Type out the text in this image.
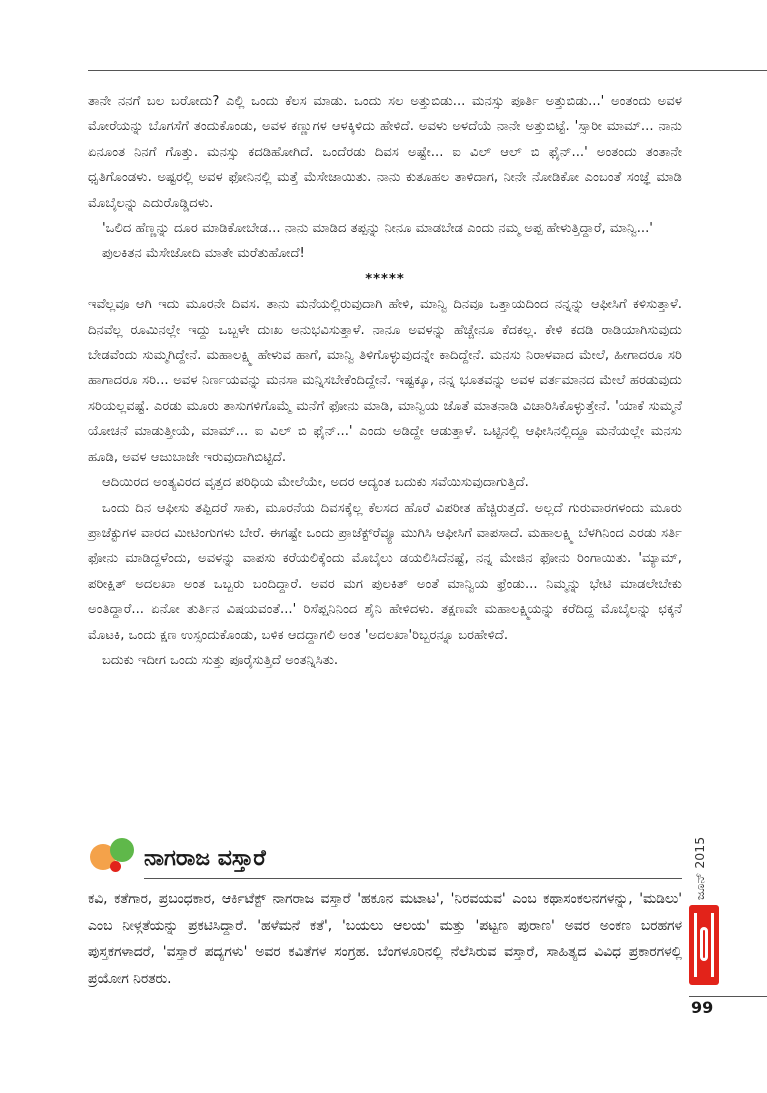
ತಾನೇ ನನಗೆ ಬಲ ಬರೋದು? ಎಲ್ಲಿ ಒಂದು ಕೆಲಸ ಮಾಡು. ಒಂದು ಸಲ ಅತ್ತುಬಿಡು... ಮನಸ್ಸು ಪೂರ್ತಿ ಅತ್ತುಬಿಡು...' ಅಂತಂದು ಅವಳ ಮೋರೆಯನ್ನು ಬೊಗಸೆಗೆ ತಂದುಕೊಂಡು, ಅವಳ ಕಣ್ಣುಗಳ ಆಳಕ್ಕಿಳಿದು ಹೇಳಿದೆ. ಅವಳು ಅಳದೆಯೆ ನಾನೇ ಅತ್ತುಬಿಟ್ಟೆ. 'ಸ್ಸಾರೀ ಮಾಮ್... ನಾನು ಏನೂಂತ ನಿನಗೆ ಗೊತ್ತು. ಮನಸ್ಸು ಕದಡಿಹೋಗಿದೆ. ಒಂದೆರಡು ದಿವಸ ಅಷ್ಟೇ... ಐ ವಿಲ್ ಆಲ್ ಬಿ ಫೈನ್...' ಅಂತಂದು ತಂತಾನೇ ಧೃತಿಗೊಂಡಳು. ಅಷ್ಟರಲ್ಲಿ ಅವಳ ಫೋನಿನಲ್ಲಿ ಮತ್ತೆ ಮೆಸೇಜಾಯಿತು. ನಾನು ಕುತೂಹಲ ತಾಳಿದಾಗ, ನೀನೇ ನೋಡಿಕೋ ಎಂಬಂತೆ ಸಂಜ್ಞೆ ಮಾಡಿ ಮೊಬೈಲನ್ನು ಎದುರೊಡ್ಡಿದಳು.

'ಒಲಿದ ಹೆಣ್ಣನ್ನು ದೂರ ಮಾಡಿಕೋಬೇಡ... ನಾನು ಮಾಡಿದ ತಪ್ಪನ್ನು ನೀನೂ ಮಾಡಬೇಡ ಎಂದು ನಮ್ಮ ಅಪ್ಪ ಹೇಳುತ್ತಿದ್ದಾರೆ, ಮಾನ್ವಿ...'

ಪುಲಕಿತನ ಮೆಸೇಜೋದಿ ಮಾತೇ ಮರೆತುಹೋದೆ!

*****

ಇವೆಲ್ಲವೂ ಆಗಿ ಇದು ಮೂರನೇ ದಿವಸ. ತಾನು ಮನೆಯಲ್ಲಿರುವುದಾಗಿ ಹೇಳಿ, ಮಾನ್ವಿ ದಿನವೂ ಒತ್ತಾಯದಿಂದ ನನ್ನನ್ನು ಆಫೀಸಿಗೆ ಕಳಿಸುತ್ತಾಳೆ. ದಿನವೆಲ್ಲ ರೂಮಿನಲ್ಲೇ ಇದ್ದು ಒಬ್ಬಳೇ ದುಃಖ ಅನುಭವಿಸುತ್ತಾಳೆ. ನಾನೂ ಅವಳನ್ನು ಹೆಚ್ಚೇನೂ ಕೆದಕಲ್ಲ. ಕೇಳಿ ಕದಡಿ ರಾಡಿಯಾಗಿಸುವುದು ಬೇಡವೆಂದು ಸುಮ್ಮಗಿದ್ದೇನೆ. ಮಹಾಲಕ್ಷ್ಮಿ ಹೇಳುವ ಹಾಗೆ, ಮಾನ್ವಿ ತಿಳಿಗೊಳ್ಳುವುದನ್ನೇ ಕಾದಿದ್ದೇನೆ. ಮನಸು ನಿರಾಳವಾದ ಮೇಲೆ, ಹೀಗಾದರೂ ಸರಿ ಹಾಗಾದರೂ ಸರಿ... ಅವಳ ನಿರ್ಣಯವನ್ನು ಮನಸಾ ಮನ್ನಿಸಬೇಕೆಂದಿದ್ದೇನೆ. ಇಷ್ಟಕ್ಕೂ, ನನ್ನ ಭೂತವನ್ನು ಅವಳ ವರ್ತಮಾನದ ಮೇಲೆ ಹರಡುವುದು ಸರಿಯಲ್ಲವಷ್ಟೆ. ಎರಡು ಮೂರು ತಾಸುಗಳಿಗೊಮ್ಮೆ ಮನೆಗೆ ಫೋನು ಮಾಡಿ, ಮಾನ್ವಿಯ ಜೊತೆ ಮಾತನಾಡಿ ವಿಚಾರಿಸಿಕೊಳ್ಳುತ್ತೇನೆ. 'ಯಾಕೆ ಸುಮ್ಮನೆ ಯೋಚನೆ ಮಾಡುತ್ತೀಯೆ, ಮಾಮ್... ಐ ವಿಲ್ ಬಿ ಫೈನ್...' ಎಂದು ಅಡಿದ್ದೇ ಆಡುತ್ತಾಳೆ. ಒಟ್ಟಿನಲ್ಲಿ ಆಫೀಸಿನಲ್ಲಿದ್ದೂ ಮನೆಯಲ್ಲೇ ಮನಸು ಹೂಡಿ, ಅವಳ ಆಜುಬಾಜೇ ಇರುವುದಾಗಿಬಿಟ್ಟಿದೆ.

ಆದಿಯಿರದ ಅಂತ್ಯವಿರದ ವೃತ್ತದ ಪರಿಧಿಯ ಮೇಲೆಯೇ, ಅದರ ಆದ್ಯಂತ ಬದುಕು ಸವೆಯಿಸುವುದಾಗುತ್ತಿದೆ.

ಒಂದು ದಿನ ಆಫೀಸು ತಪ್ಪಿದರೆ ಸಾಕು, ಮೂರನೆಯ ದಿವಸಕ್ಕೆಲ್ಲ ಕೆಲಸದ ಹೊರೆ ವಿಪರೀತ ಹೆಚ್ಚಿರುತ್ತದೆ. ಅಲ್ಲದೆ ಗುರುವಾರಗಳಂದು ಮೂರು ಪ್ರಾಜೆಕ್ಟುಗಳ ವಾರದ ಮೀಟಿಂಗುಗಳು ಬೇರೆ. ಈಗಷ್ಟೇ ಒಂದು ಪ್ರಾಜೆಕ್ಟ್‌ರೆವ್ಯೂ ಮುಗಿಸಿ ಆಫೀಸಿಗೆ ವಾಪಸಾದೆ. ಮಹಾಲಕ್ಷ್ಮಿ ಬೆಳಗಿನಿಂದ ಎರಡು ಸರ್ತಿ ಫೋನು ಮಾಡಿದ್ದಳೆಂದು, ಅವಳನ್ನು ವಾಪಸು ಕರೆಯಲಿಕ್ಕೆಂದು ಮೊಬೈಲು ಡಯಲಿಸಿದೆನಷ್ಟೆ, ನನ್ನ ಮೇಜಿನ ಫೋನು ರಿಂಗಾಯಿತು. 'ಮ್ಯಾಮ್, ಪರೀಕ್ಷಿತ್ ಅದಲಖಾ ಅಂತ ಒಬ್ಬರು ಬಂದಿದ್ದಾರೆ. ಅವರ ಮಗ ಪುಲಕಿತ್ ಅಂತೆ ಮಾನ್ವಿಯ ಫ್ರೆಂಡು... ನಿಮ್ಮನ್ನು ಭೇಟಿ ಮಾಡಲೇಬೇಕು ಅಂತಿದ್ದಾರೆ... ಏನೋ ತುರ್ತಿನ ವಿಷಯವಂತೆ...' ರಿಸೆಪ್ಷನಿನಿಂದ ಶೈನಿ ಹೇಳಿದಳು. ತಕ್ಷಣವೇ ಮಹಾಲಕ್ಷ್ಮಿಯನ್ನು ಕರೆದಿದ್ದ ಮೊಬೈಲನ್ನು ಛಕ್ಕನೆ ಮೊಟಕಿ, ಒಂದು ಕ್ಷಣ ಉಸ್ಸಂದುಕೊಂಡು, ಬಳಿಕ ಆದದ್ದಾಗಲಿ ಅಂತ 'ಅದಲಖಾ'ರಿಬ್ಬರನ್ನೂ ಬರಹೇಳಿದೆ.

ಬದುಕು ಇದೀಗ ಒಂದು ಸುತ್ತು ಪೂರೈಸುತ್ತಿದೆ ಅಂತನ್ನಿಸಿತು.

ನಾಗರಾಜ ವಸ್ತಾರೆ

ಕವಿ, ಕತೆಗಾರ, ಪ್ರಬಂಧಕಾರ, ಆರ್ಕಿಟೆಕ್ಟ್ ನಾಗರಾಜ ವಸ್ತಾರೆ 'ಹಕೂನ ಮಟಾಟ', 'ನಿರವಯವ' ಎಂಬ ಕಥಾಸಂಕಲನಗಳನ್ನು, 'ಮಡಿಲು' ಎಂಬ ನೀಳ್ಗತೆಯನ್ನು ಪ್ರಕಟಿಸಿದ್ದಾರೆ. 'ಹಳೆಮನೆ ಕತೆ', 'ಬಯಲು ಆಲಯ' ಮತ್ತು 'ಪಟ್ಟಣ ಪುರಾಣ' ಅವರ ಅಂಕಣ ಬರಹಗಳ ಪುಸ್ತಕಗಳಾದರೆ, 'ವಸ್ತಾರೆ ಪದ್ಯಗಳು' ಅವರ ಕವಿತೆಗಳ ಸಂಗ್ರಹ. ಬೆಂಗಳೂರಿನಲ್ಲಿ ನೆಲೆಸಿರುವ ವಸ್ತಾರೆ, ಸಾಹಿತ್ಯದ ವಿವಿಧ ಪ್ರಕಾರಗಳಲ್ಲಿ ಪ್ರಯೋಗ ನಿರತರು.

ಜೂನ್ 2015
99
